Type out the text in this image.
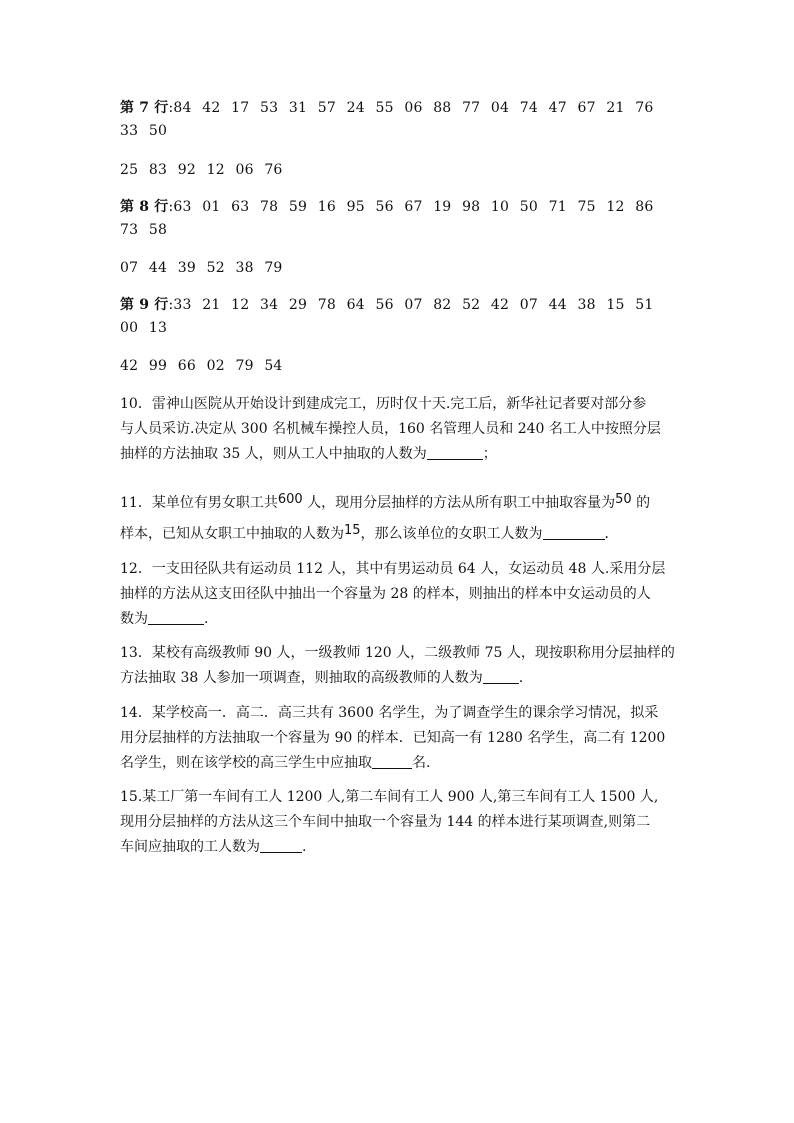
第 7 行:84 42 17 53 31 57 24 55 06 88 77 04 74 47 67 21 76
33 50
25 83 92 12 06 76
第 8 行:63 01 63 78 59 16 95 56 67 19 98 10 50 71 75 12 86
73 58
07 44 39 52 38 79
第 9 行:33 21 12 34 29 78 64 56 07 82 52 42 07 44 38 15 51
00 13
42 99 66 02 79 54
10．雷神山医院从开始设计到建成完工，历时仅十天.完工后，新华社记者要对部分参
与人员采访.决定从 300 名机械车操控人员，160 名管理人员和 240 名工人中按照分层
抽样的方法抽取 35 人，则从工人中抽取的人数为	；
11．某单位有男女职工共600 人，现用分层抽样的方法从所有职工中抽取容量为50 的
样本，已知从女职工中抽取的人数为15，那么该单位的女职工人数为	．
12．一支田径队共有运动员 112 人，其中有男运动员 64 人，女运动员 48 人.采用分层
抽样的方法从这支田径队中抽出一个容量为 28 的样本，则抽出的样本中女运动员的人
数为	.
13．某校有高级教师 90 人，一级教师 120 人，二级教师 75 人，现按职称用分层抽样的
方法抽取 38 人参加一项调查，则抽取的高级教师的人数为	.
14．某学校高一．高二．高三共有 3600 名学生，为了调查学生的课余学习情况，拟采
用分层抽样的方法抽取一个容量为 90 的样本．已知高一有 1280 名学生，高二有 1200
名学生，则在该学校的高三学生中应抽取	名.
15.某工厂第一车间有工人 1200 人,第二车间有工人 900 人,第三车间有工人 1500 人,
现用分层抽样的方法从这三个车间中抽取一个容量为 144 的样本进行某项调查,则第二
车间应抽取的工人数为	.
